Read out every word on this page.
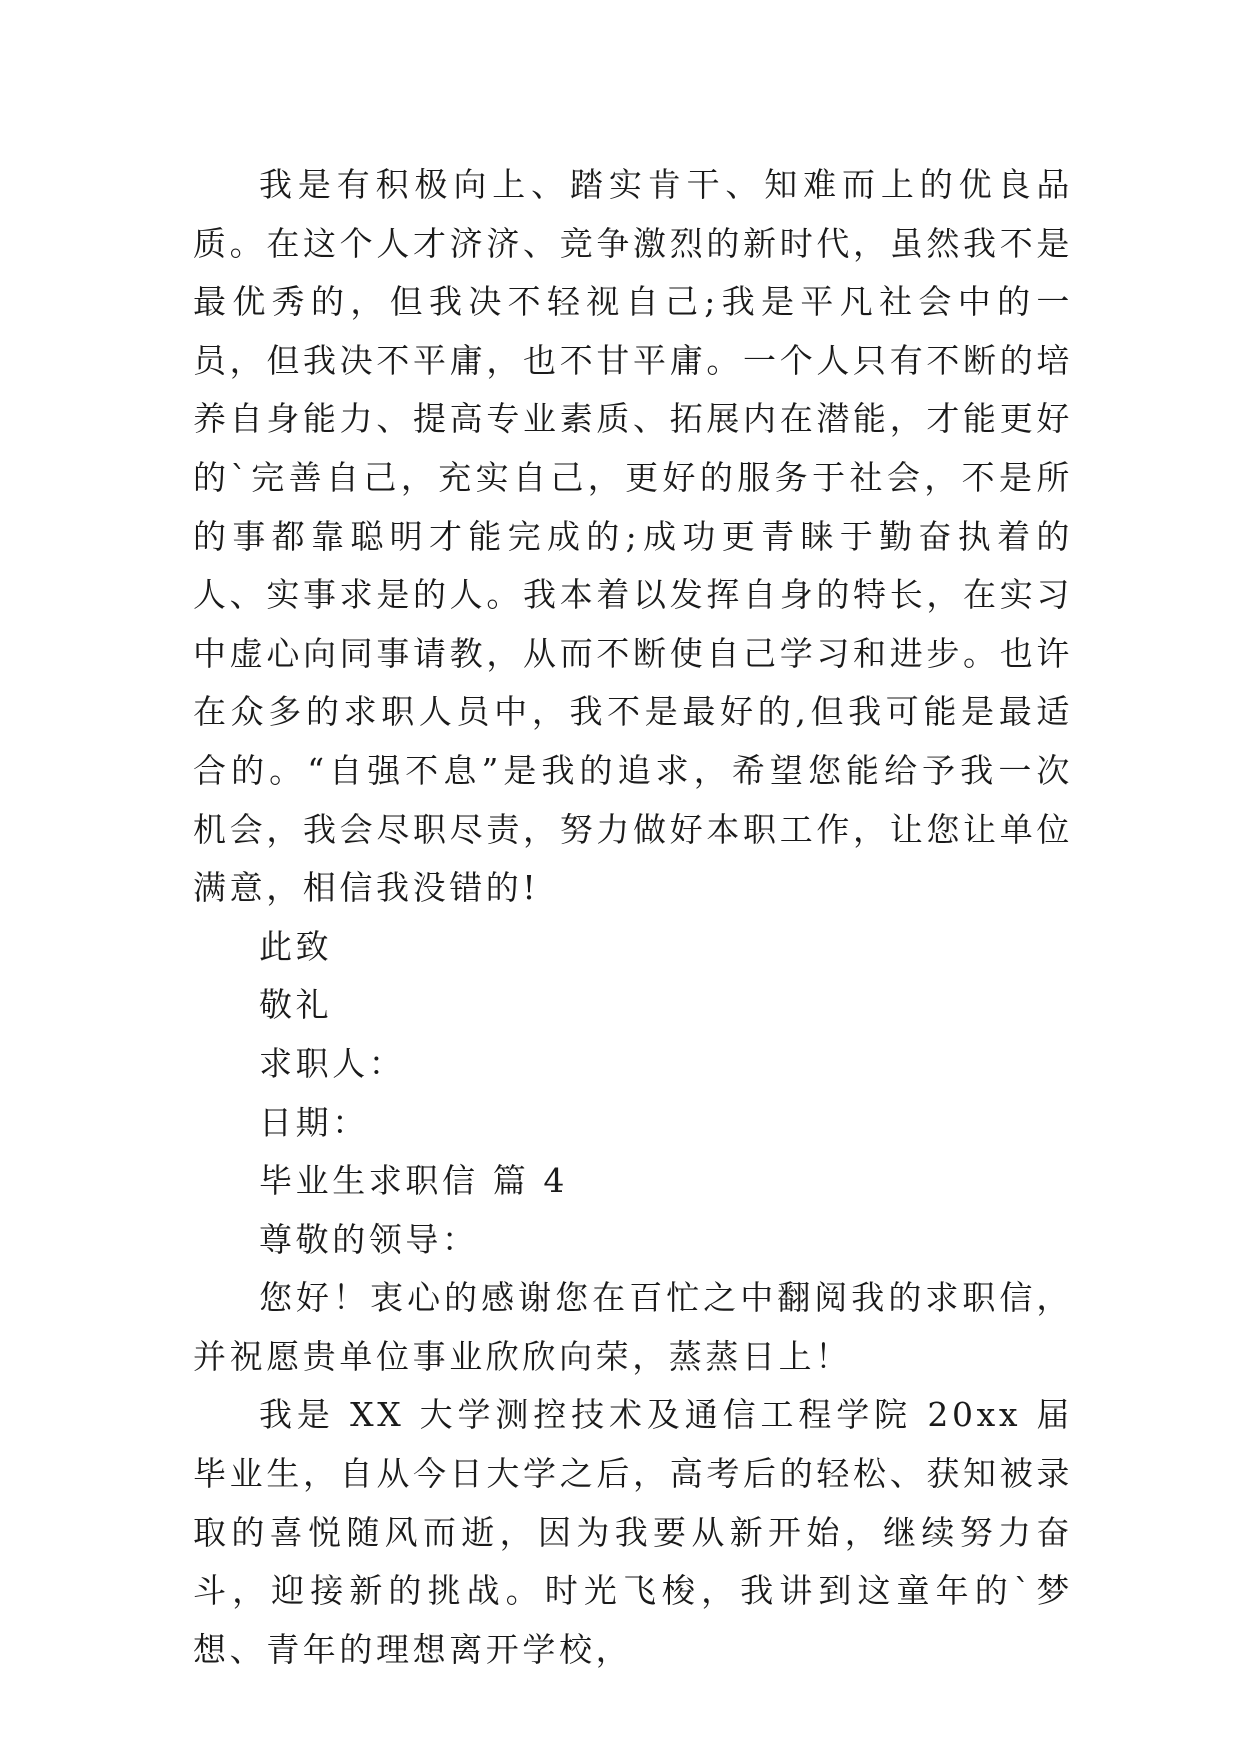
我是有积极向上、踏实肯干、知难而上的优良品质。在这个人才济济、竞争激烈的新时代，虽然我不是最优秀的，但我决不轻视自己;我是平凡社会中的一员，但我决不平庸，也不甘平庸。一个人只有不断的培养自身能力、提高专业素质、拓展内在潜能，才能更好的`完善自己，充实自己，更好的服务于社会，不是所的事都靠聪明才能完成的;成功更青睐于勤奋执着的人、实事求是的人。我本着以发挥自身的特长，在实习中虚心向同事请教，从而不断使自己学习和进步。也许在众多的求职人员中，我不是最好的,但我可能是最适合的。“自强不息”是我的追求，希望您能给予我一次机会，我会尽职尽责，努力做好本职工作，让您让单位满意，相信我没错的!

此致

敬礼

求职人：

日期：

毕业生求职信 篇 4

尊敬的领导：

您好！衷心的感谢您在百忙之中翻阅我的求职信，并祝愿贵单位事业欣欣向荣，蒸蒸日上！

我是 XX 大学测控技术及通信工程学院 20xx 届毕业生，自从今日大学之后，高考后的轻松、获知被录取的喜悦随风而逝，因为我要从新开始，继续努力奋斗，迎接新的挑战。时光飞梭，我讲到这童年的`梦想、青年的理想离开学校，
